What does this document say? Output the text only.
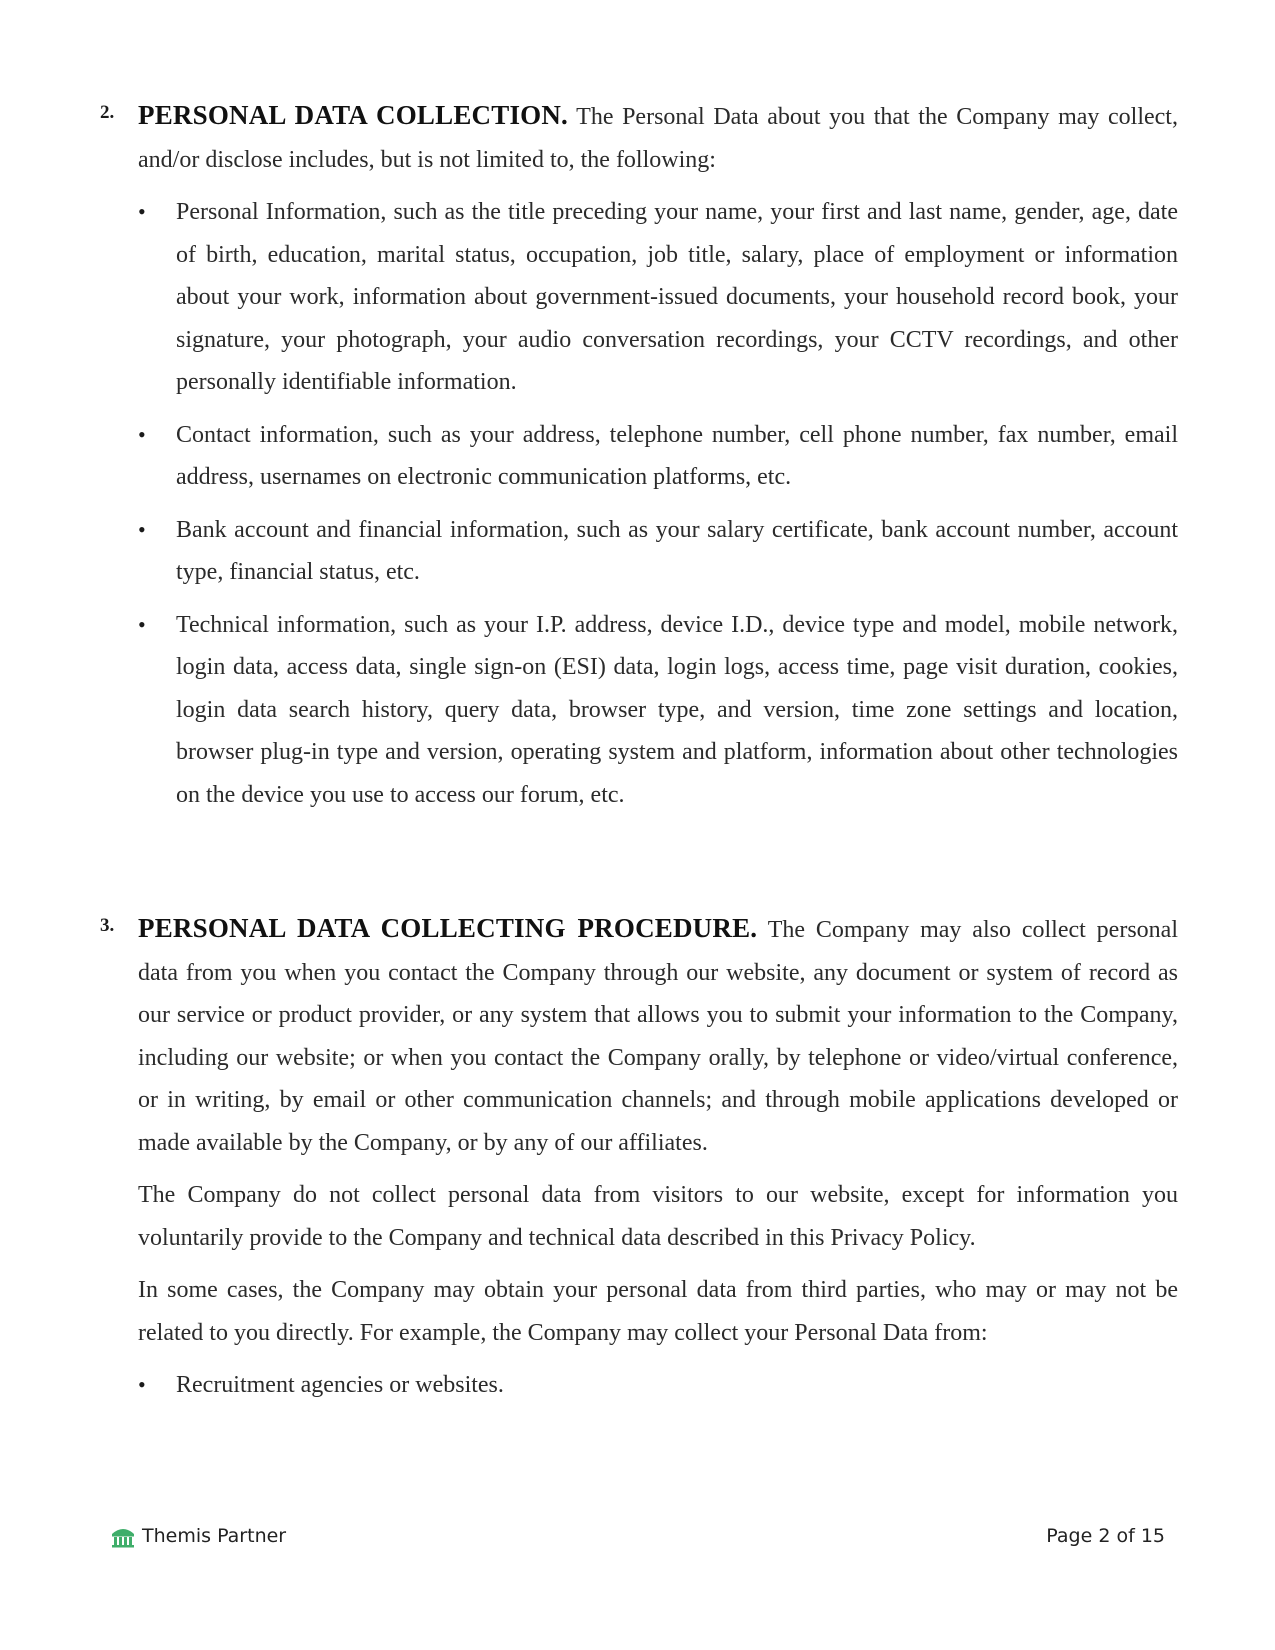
2. PERSONAL DATA COLLECTION. The Personal Data about you that the Company may collect, and/or disclose includes, but is not limited to, the following:

• Personal Information, such as the title preceding your name, your first and last name, gender, age, date of birth, education, marital status, occupation, job title, salary, place of employment or information about your work, information about government-issued documents, your household record book, your signature, your photograph, your audio conversation recordings, your CCTV recordings, and other personally identifiable information.
• Contact information, such as your address, telephone number, cell phone number, fax number, email address, usernames on electronic communication platforms, etc.
• Bank account and financial information, such as your salary certificate, bank account number, account type, financial status, etc.
• Technical information, such as your I.P. address, device I.D., device type and model, mobile network, login data, access data, single sign-on (ESI) data, login logs, access time, page visit duration, cookies, login data search history, query data, browser type, and version, time zone settings and location, browser plug-in type and version, operating system and platform, information about other technologies on the device you use to access our forum, etc.
3. PERSONAL DATA COLLECTING PROCEDURE. The Company may also collect personal data from you when you contact the Company through our website, any document or system of record as our service or product provider, or any system that allows you to submit your information to the Company, including our website; or when you contact the Company orally, by telephone or video/virtual conference, or in writing, by email or other communication channels; and through mobile applications developed or made available by the Company, or by any of our affiliates.

The Company do not collect personal data from visitors to our website, except for information you voluntarily provide to the Company and technical data described in this Privacy Policy.

In some cases, the Company may obtain your personal data from third parties, who may or may not be related to you directly. For example, the Company may collect your Personal Data from:

• Recruitment agencies or websites.
Themis Partner	Page 2 of 15
